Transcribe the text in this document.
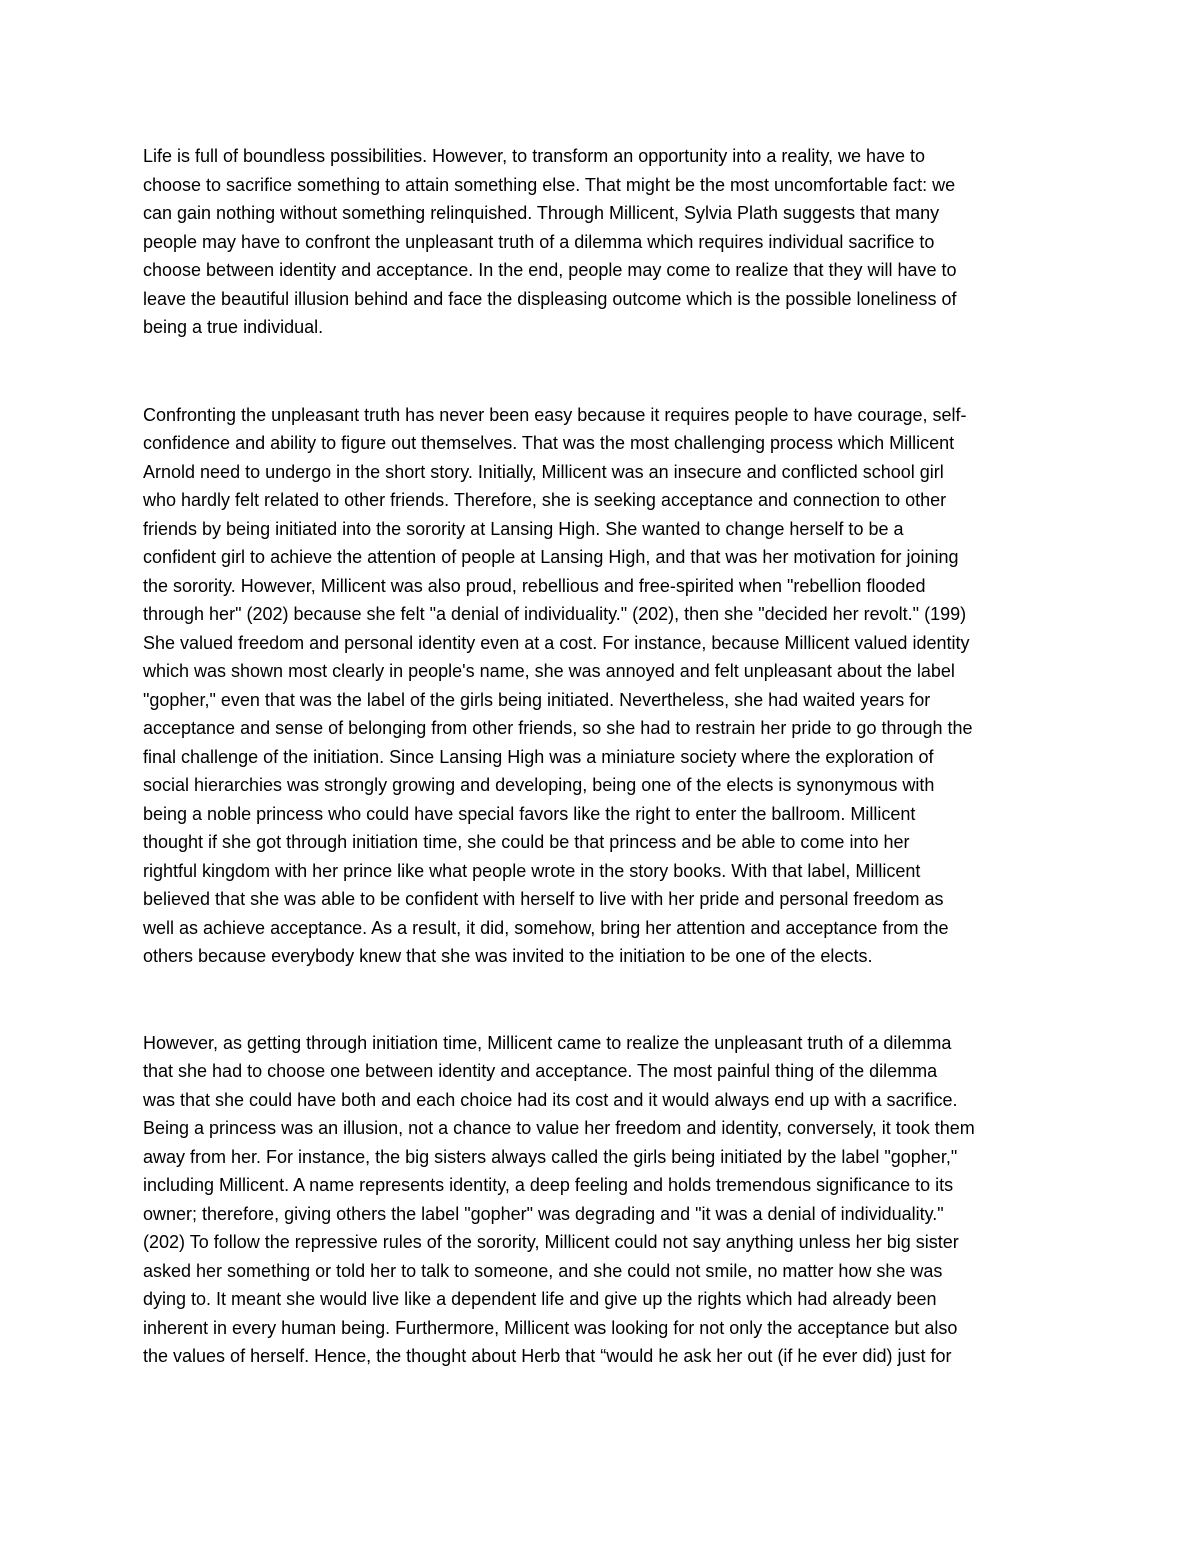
Life is full of boundless possibilities. However, to transform an opportunity into a reality, we have to

choose to sacrifice something to attain something else. That might be the most uncomfortable fact: we

can gain nothing without something relinquished. Through Millicent, Sylvia Plath suggests that many

people may have to confront the unpleasant truth of a dilemma which requires individual sacrifice to

choose between identity and acceptance. In the end, people may come to realize that they will have to

leave the beautiful illusion behind and face the displeasing outcome which is the possible loneliness of

being a true individual.

Confronting the unpleasant truth has never been easy because it requires people to have courage, self-

confidence and ability to figure out themselves. That was the most challenging process which Millicent

Arnold need to undergo in the short story. Initially, Millicent was an insecure and conflicted school girl

who hardly felt related to other friends. Therefore, she is seeking acceptance and connection to other

friends by being initiated into the sorority at Lansing High. She wanted to change herself to be a

confident girl to achieve the attention of people at Lansing High, and that was her motivation for joining

the sorority. However, Millicent was also proud, rebellious and free-spirited when "rebellion flooded

through her" (202) because she felt "a denial of individuality." (202), then she "decided her revolt." (199)

She valued freedom and personal identity even at a cost. For instance, because Millicent valued identity

which was shown most clearly in people's name, she was annoyed and felt unpleasant about the label

"gopher," even that was the label of the girls being initiated. Nevertheless, she had waited years for

acceptance and sense of belonging from other friends, so she had to restrain her pride to go through the

final challenge of the initiation. Since Lansing High was a miniature society where the exploration of

social hierarchies was strongly growing and developing, being one of the elects is synonymous with

being a noble princess who could have special favors like the right to enter the ballroom. Millicent

thought if she got through initiation time, she could be that princess and be able to come into her

rightful kingdom with her prince like what people wrote in the story books. With that label, Millicent

believed that she was able to be confident with herself to live with her pride and personal freedom as

well as achieve acceptance. As a result, it did, somehow, bring her attention and acceptance from the

others because everybody knew that she was invited to the initiation to be one of the elects.

However, as getting through initiation time, Millicent came to realize the unpleasant truth of a dilemma

that she had to choose one between identity and acceptance. The most painful thing of the dilemma

was that she could have both and each choice had its cost and it would always end up with a sacrifice.

Being a princess was an illusion, not a chance to value her freedom and identity, conversely, it took them

away from her. For instance, the big sisters always called the girls being initiated by the label "gopher,"

including Millicent. A name represents identity, a deep feeling and holds tremendous significance to its

owner; therefore, giving others the label "gopher" was degrading and "it was a denial of individuality."

(202) To follow the repressive rules of the sorority, Millicent could not say anything unless her big sister

asked her something or told her to talk to someone, and she could not smile, no matter how she was

dying to. It meant she would live like a dependent life and give up the rights which had already been

inherent in every human being. Furthermore, Millicent was looking for not only the acceptance but also

the values of herself. Hence, the thought about Herb that “would he ask her out (if he ever did) just for
